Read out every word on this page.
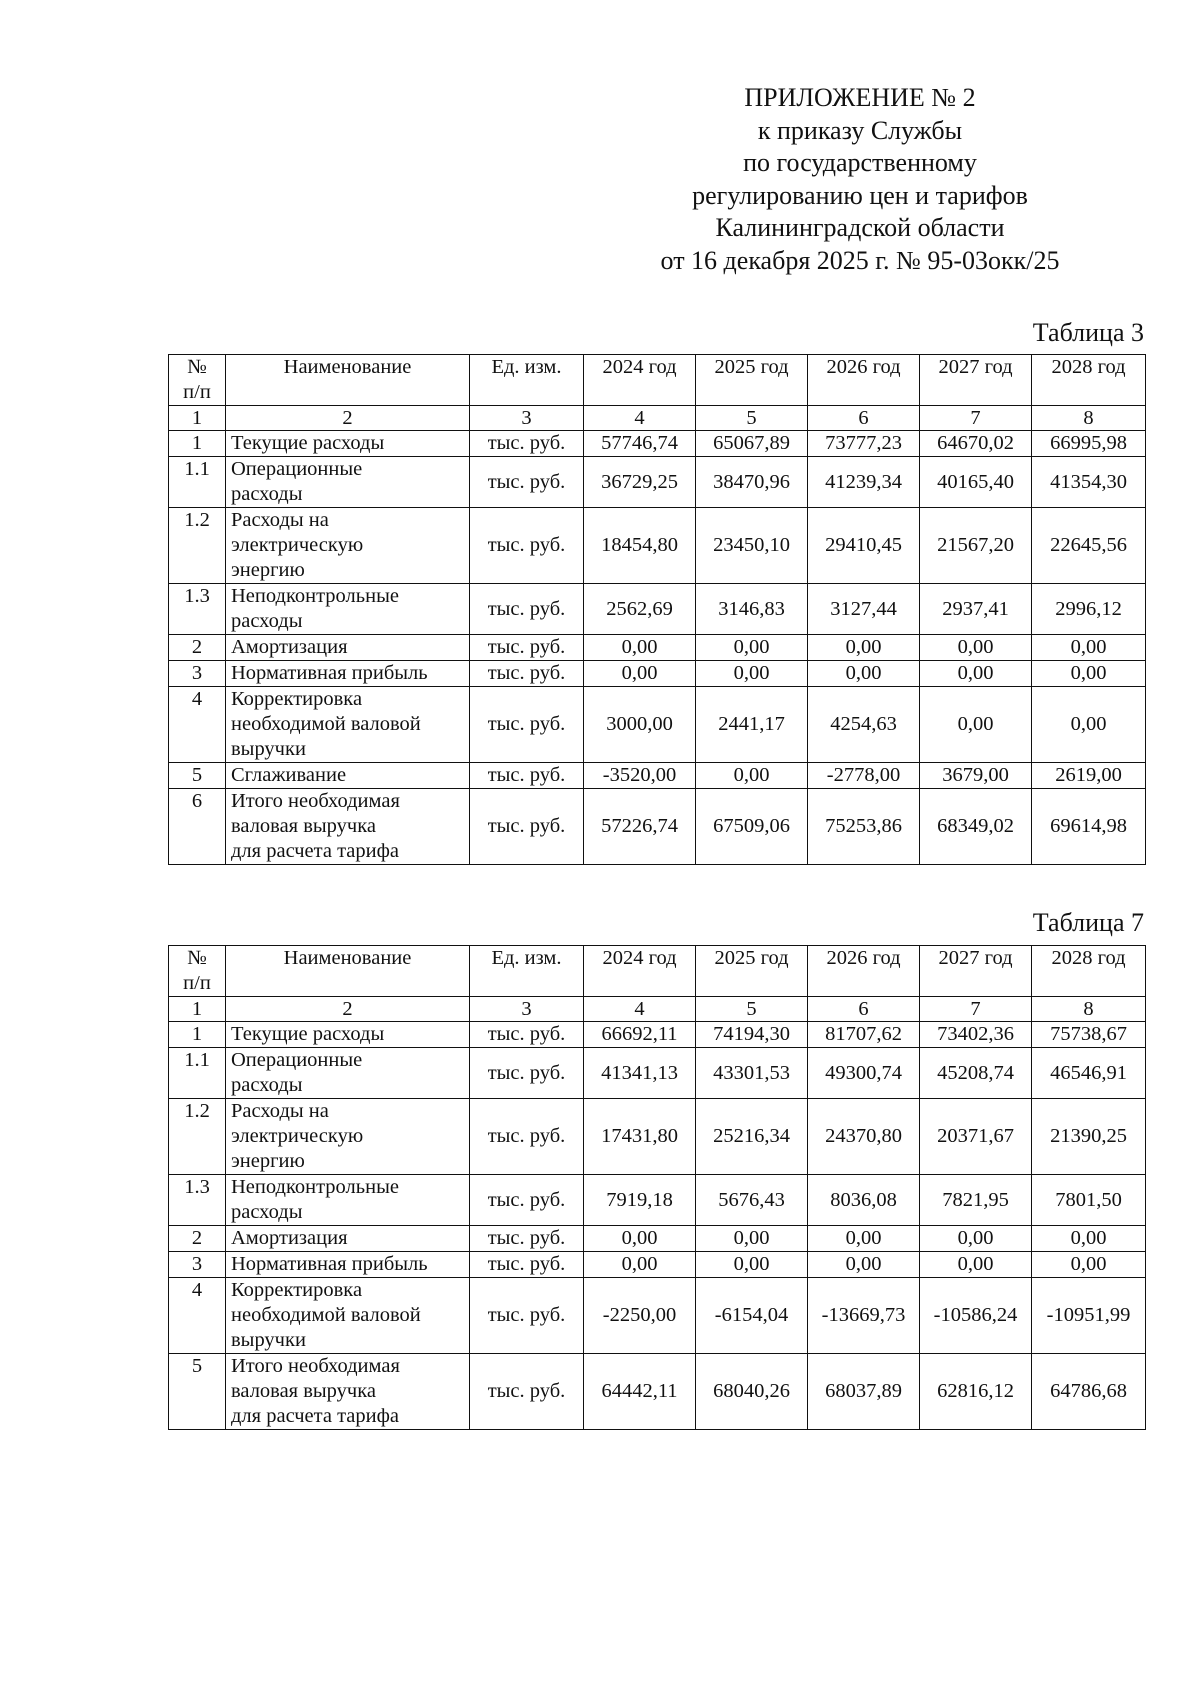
ПРИЛОЖЕНИЕ № 2
к приказу Службы
по государственному
регулированию цен и тарифов
Калининградской области
от 16 декабря 2025 г. № 95-03окк/25
Таблица 3
№
п/п	Наименование	Ед. изм.	2024 год	2025 год	2026 год	2027 год	2028 год
1	2	3	4	5	6	7	8
1	Текущие расходы	тыс. руб.	57746,74	65067,89	73777,23	64670,02	66995,98
1.1	Операционные
расходы	тыс. руб.	36729,25	38470,96	41239,34	40165,40	41354,30
1.2	Расходы на
электрическую
энергию	тыс. руб.	18454,80	23450,10	29410,45	21567,20	22645,56
1.3	Неподконтрольные
расходы	тыс. руб.	2562,69	3146,83	3127,44	2937,41	2996,12
2	Амортизация	тыс. руб.	0,00	0,00	0,00	0,00	0,00
3	Нормативная прибыль	тыс. руб.	0,00	0,00	0,00	0,00	0,00
4	Корректировка
необходимой валовой
выручки	тыс. руб.	3000,00	2441,17	4254,63	0,00	0,00
5	Сглаживание	тыс. руб.	-3520,00	0,00	-2778,00	3679,00	2619,00
6	Итого необходимая
валовая выручка
для расчета тарифа	тыс. руб.	57226,74	67509,06	75253,86	68349,02	69614,98
Таблица 7
№
п/п	Наименование	Ед. изм.	2024 год	2025 год	2026 год	2027 год	2028 год
1	2	3	4	5	6	7	8
1	Текущие расходы	тыс. руб.	66692,11	74194,30	81707,62	73402,36	75738,67
1.1	Операционные
расходы	тыс. руб.	41341,13	43301,53	49300,74	45208,74	46546,91
1.2	Расходы на
электрическую
энергию	тыс. руб.	17431,80	25216,34	24370,80	20371,67	21390,25
1.3	Неподконтрольные
расходы	тыс. руб.	7919,18	5676,43	8036,08	7821,95	7801,50
2	Амортизация	тыс. руб.	0,00	0,00	0,00	0,00	0,00
3	Нормативная прибыль	тыс. руб.	0,00	0,00	0,00	0,00	0,00
4	Корректировка
необходимой валовой
выручки	тыс. руб.	-2250,00	-6154,04	-13669,73	-10586,24	-10951,99
5	Итого необходимая
валовая выручка
для расчета тарифа	тыс. руб.	64442,11	68040,26	68037,89	62816,12	64786,68
